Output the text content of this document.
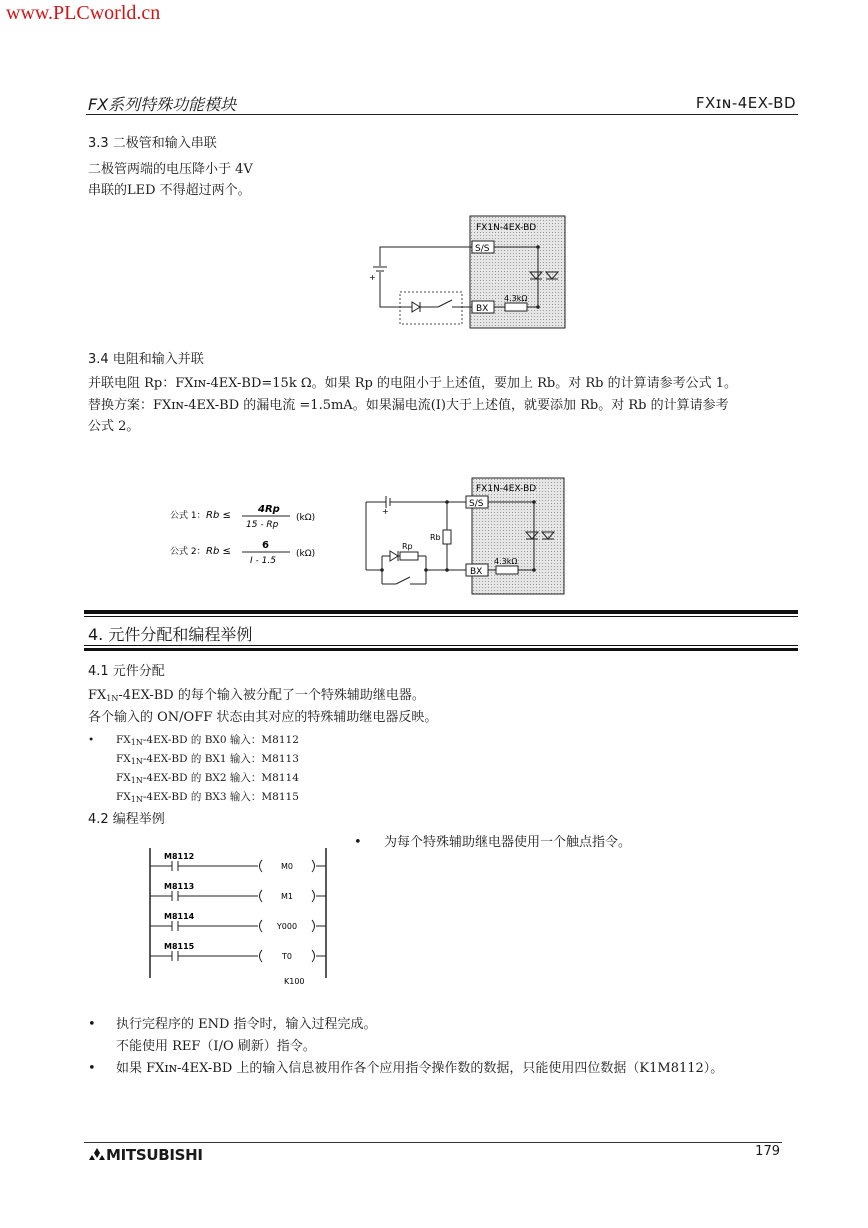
www.PLCworld.cn
FX系列特殊功能模块	FXɪɴ-4EX-BD
3.3 二极管和输入串联
二极管两端的电压降小于 4V
串联的LED 不得超过两个。
FX1N-4EX-BD
S/S
BX
+
4.3kΩ
3.4 电阻和输入并联
并联电阻 Rp：FXɪɴ-4EX-BD=15k Ω。如果 Rp 的电阻小于上述值，要加上 Rb。对 Rb 的计算请参考公式 1。
替换方案：FXɪɴ-4EX-BD 的漏电流 =1.5mA。如果漏电流(I)大于上述值，就要添加 Rb。对 Rb 的计算请参考
公式 2。
公式 1： Rb ≤
4Rp
15 - Rp
(kΩ)
公式 2： Rb ≤
6
I - 1.5
(kΩ)
FX1N-4EX-BD
S/S
BX
+
Rb
Rp
4.3kΩ
4. 元件分配和编程举例
4.1 元件分配
$FX_{1N}-4EX-BD$ 的每个输入被分配了一个特殊辅助继电器。
各个输入的 ON/OFF 状态由其对应的特殊辅助继电器反映。
• $FX_{1N}-4EX-BD$ 的 BX0 输入：M8112
$FX_{1N}-4EX-BD$ 的 BX1 输入：M8113
$FX_{1N}-4EX-BD$ 的 BX2 输入：M8114
$FX_{1N}-4EX-BD$ 的 BX3 输入：M8115
4.2 编程举例
• 为每个特殊辅助继电器使用一个触点指令。
M8112
M0
M8113
M1
M8114
Y000
M8115
T0
K100
• 执行完程序的 END 指令时，输入过程完成。
不能使用 REF（I/O 刷新）指令。
• 如果 FXɪɴ-4EX-BD 上的输入信息被用作各个应用指令操作数的数据，只能使用四位数据（K1M8112）。
MITSUBISHI	179
